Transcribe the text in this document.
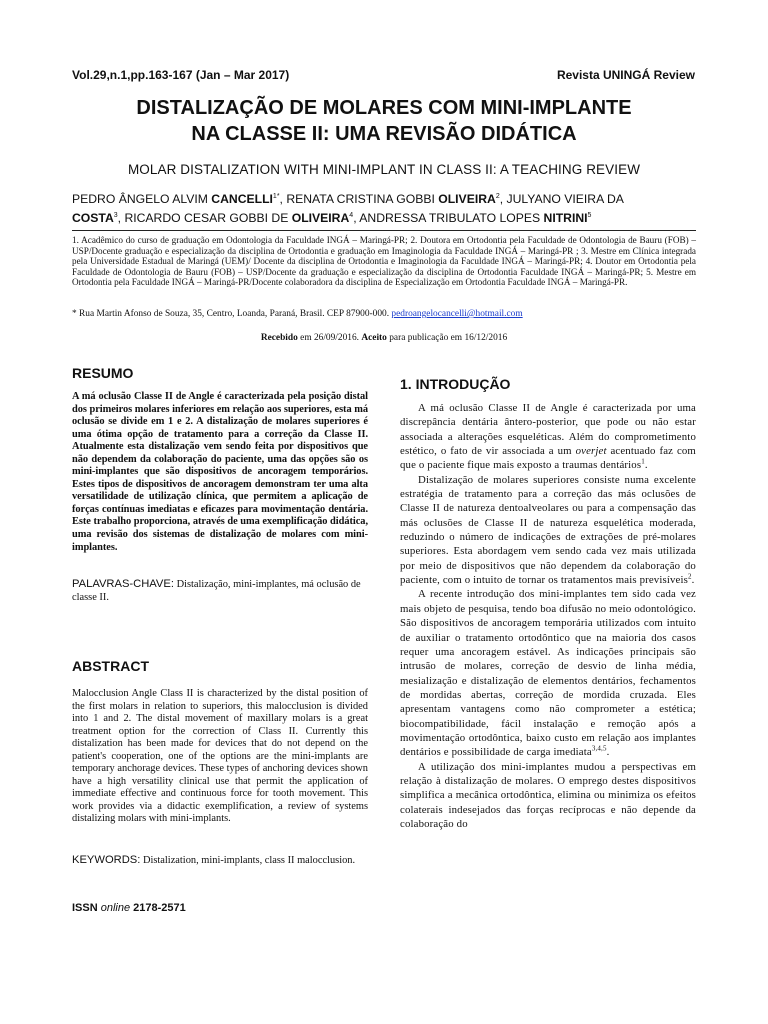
Vol.29,n.1,pp.163-167 (Jan – Mar 2017)	Revista UNINGÁ Review
DISTALIZAÇÃO DE MOLARES COM MINI-IMPLANTE
NA CLASSE II: UMA REVISÃO DIDÁTICA
MOLAR DISTALIZATION WITH MINI-IMPLANT IN CLASS II: A TEACHING REVIEW
PEDRO ÂNGELO ALVIM $CANCELLI^{1*}$, RENATA CRISTINA GOBBI OLIVEIRA$^2$, JULYANO VIEIRA DA
COSTA$^3$, RICARDO CESAR GOBBI DE OLIVEIRA$^4$, ANDRESSA TRIBULATO LOPES NITRINI$^5$
1. Acadêmico do curso de graduação em Odontologia da Faculdade INGÁ – Maringá-PR; 2. Doutora em Ortodontia pela Faculdade de Odontologia de Bauru (FOB) – USP/Docente graduação e especialização da disciplina de Ortodontia e graduação em Imaginologia da Faculdade INGÁ – Maringá-PR ; 3. Mestre em Clínica integrada pela Universidade Estadual de Maringá (UEM)/ Docente da disciplina de Ortodontia e Imaginologia da Faculdade INGÁ – Maringá-PR; 4. Doutor em Ortodontia pela Faculdade de Odontologia de Bauru (FOB) – USP/Docente da graduação e especialização da disciplina de Ortodontia Faculdade INGÁ – Maringá-PR; 5. Mestre em Ortodontia pela Faculdade INGÁ – Maringá-PR/Docente colaboradora da disciplina de Especialização em Ortodontia Faculdade INGÁ – Maringá-PR.
* Rua Martin Afonso de Souza, 35, Centro, Loanda, Paraná, Brasil. CEP 87900-000. pedroangelocancelli@hotmail.com
Recebido em 26/09/2016. Aceito para publicação em 16/12/2016
RESUMO
A má oclusão Classe II de Angle é caracterizada pela posição distal dos primeiros molares inferiores em relação aos superiores, esta má oclusão se divide em 1 e 2. A distalização de molares superiores é uma ótima opção de tratamento para a correção da Classe II. Atualmente esta distalização vem sendo feita por dispositivos que não dependem da colaboração do paciente, uma das opções são os mini-implantes que são dispositivos de ancoragem temporários. Estes tipos de dispositivos de ancoragem demonstram ter uma alta versatilidade de utilização clínica, que permitem a aplicação de forças contínuas imediatas e eficazes para movimentação dentária. Este trabalho proporciona, através de uma exemplificação didática, uma revisão dos sistemas de distalização de molares com mini-implantes.
PALAVRAS-CHAVE: Distalização, mini-implantes, má oclusão de classe II.
ABSTRACT
Malocclusion Angle Class II is characterized by the distal position of the first molars in relation to superiors, this malocclusion is divided into 1 and 2. The distal movement of maxillary molars is a great treatment option for the correction of Class II. Currently this distalization has been made for devices that do not depend on the patient's cooperation, one of the options are the mini-implants are temporary anchorage devices. These types of anchoring devices shown have a high versatility clinical use that permit the application of immediate effective and continuous force for tooth movement. This work provides via a didactic exemplification, a review of systems distalizing molars with mini-implants.
KEYWORDS: Distalization, mini-implants, class II malocclusion.
ISSN online 2178-2571
1. INTRODUÇÃO

A má oclusão Classe II de Angle é caracterizada por uma discrepância dentária ântero-posterior, que pode ou não estar associada a alterações esqueléticas. Além do comprometimento estético, o fato de vir associada a um overjet acentuado faz com que o paciente fique mais exposto a traumas dentários$^1$.

Distalização de molares superiores consiste numa excelente estratégia de tratamento para a correção das más oclusões de Classe II de natureza dentoalveolares ou para a compensação das más oclusões de Classe II de natureza esquelética moderada, reduzindo o número de indicações de extrações de pré-molares superiores. Esta abordagem vem sendo cada vez mais utilizada por meio de dispositivos que não dependem da colaboração do paciente, com o intuito de tornar os tratamentos mais previsíveis$^2$.

A recente introdução dos mini-implantes tem sido cada vez mais objeto de pesquisa, tendo boa difusão no meio odontológico. São dispositivos de ancoragem temporária utilizados com intuito de auxiliar o tratamento ortodôntico que na maioria dos casos requer uma ancoragem estável. As indicações principais são intrusão de molares, correção de desvio de linha média, mesialização e distalização de elementos dentários, fechamentos de mordidas abertas, correção de mordida cruzada. Eles apresentam vantagens como não comprometer a estética; biocompatibilidade, fácil instalação e remoção após a movimentação ortodôntica, baixo custo em relação aos implantes dentários e possibilidade de carga imediata$^{3,4,5}$.

A utilização dos mini-implantes mudou a perspectivas em relação à distalização de molares. O emprego destes dispositivos simplifica a mecânica ortodôntica, elimina ou minimiza os efeitos colaterais indesejados das forças recíprocas e não depende da colaboração do
